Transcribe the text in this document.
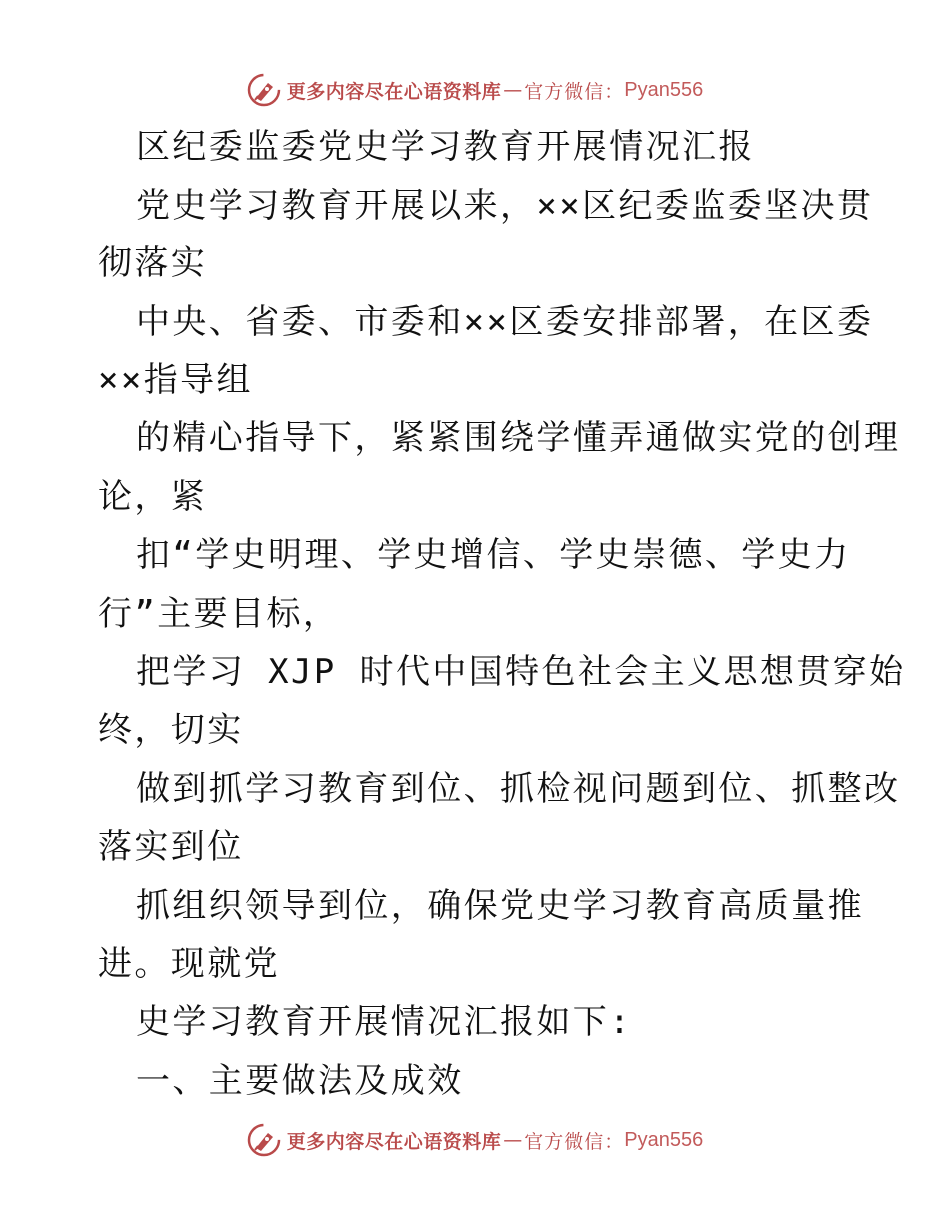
更多内容尽在心语资料库 — 官方微信： Pyan556
区纪委监委党史学习教育开展情况汇报
党史学习教育开展以来，××区纪委监委坚决贯
彻落实
中央、省委、市委和××区委安排部署，在区委
××指导组
的精心指导下，紧紧围绕学懂弄通做实党的创理
论，紧
扣“学史明理、学史增信、学史崇德、学史力
行”主要目标，
把学习 XJP 时代中国特色社会主义思想贯穿始
终，切实
做到抓学习教育到位、抓检视问题到位、抓整改
落实到位
抓组织领导到位，确保党史学习教育高质量推
进。现就党
史学习教育开展情况汇报如下:
一、主要做法及成效
更多内容尽在心语资料库 — 官方微信： Pyan556
